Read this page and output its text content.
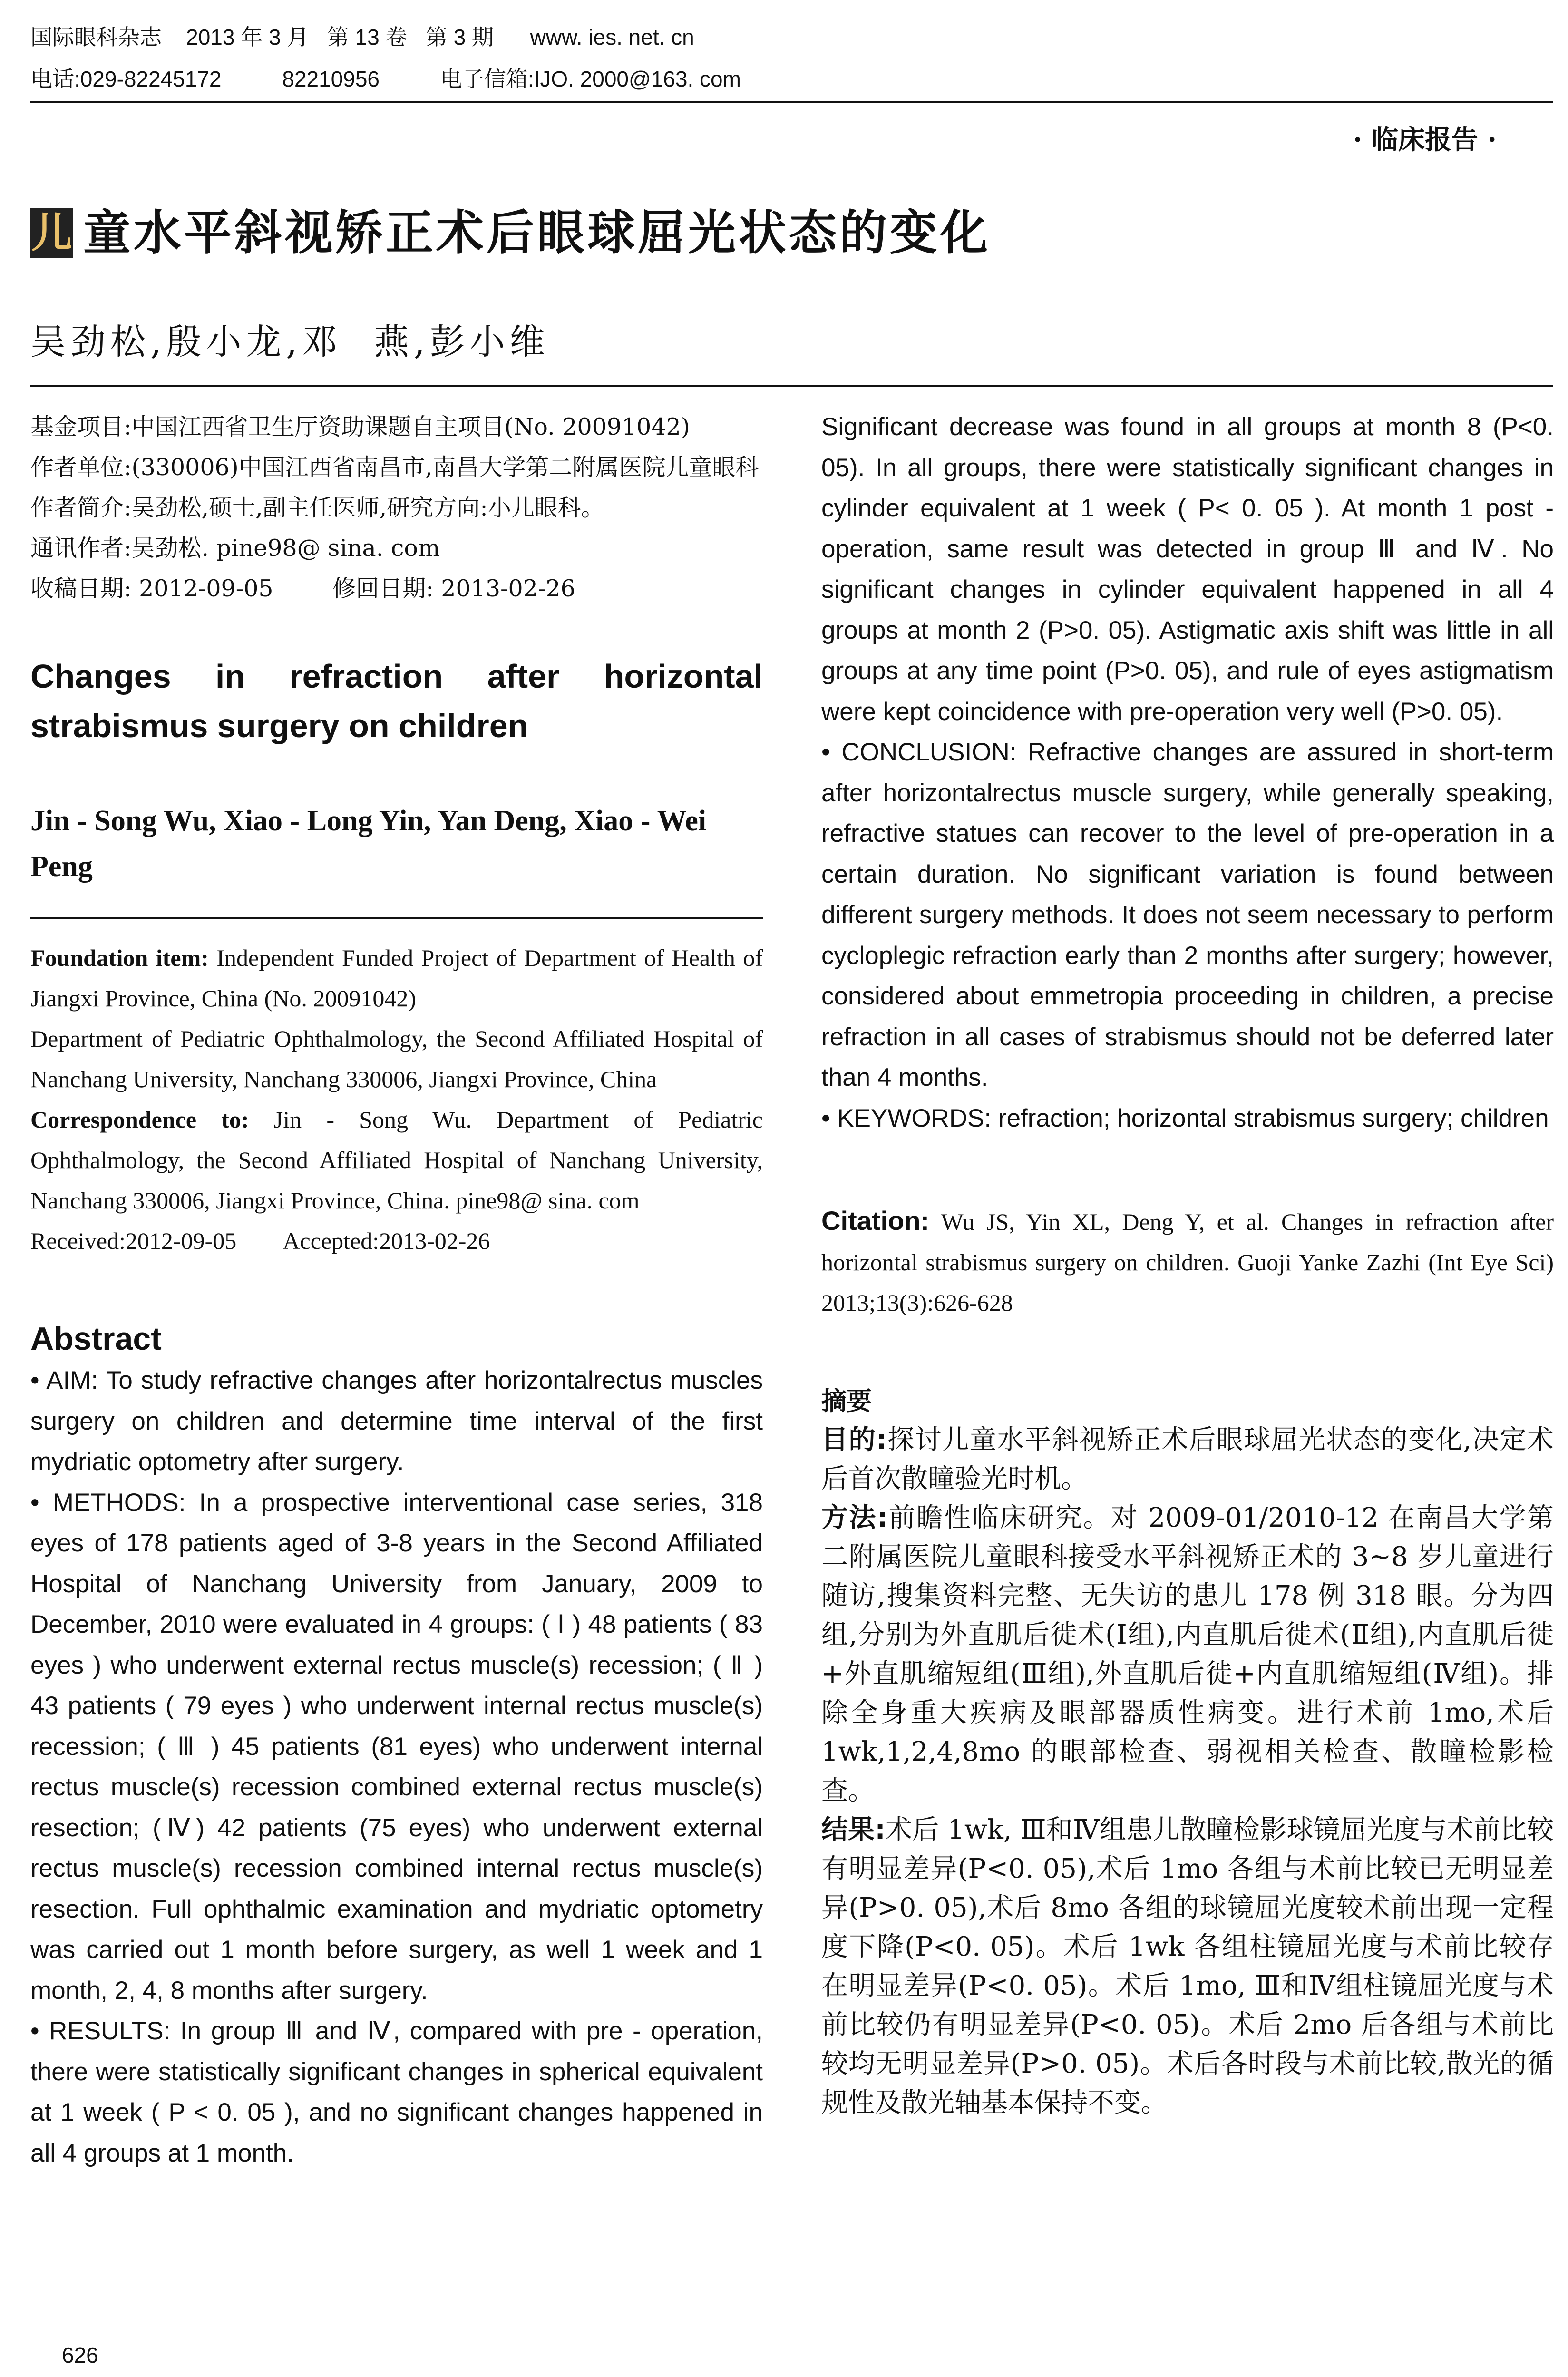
国际眼科杂志    2013 年 3 月   第 13 卷   第 3 期      www. ies. net. cn
电话:029-82245172          82210956          电子信箱:IJO. 2000@163. com
· 临床报告 ·
儿 童水平斜视矫正术后眼球屈光状态的变化
吴劲松,殷小龙,邓  燕,彭小维

基金项目:中国江西省卫生厅资助课题自主项目(No. 20091042)

作者单位:(330006)中国江西省南昌市,南昌大学第二附属医院儿童眼科

作者简介:吴劲松,硕士,副主任医师,研究方向:小儿眼科。

通讯作者:吴劲松. pine98@ sina. com

收稿日期: 2012-09-05        修回日期: 2013-02-26

Changes in refraction after horizontal strabismus surgery on children
Jin - Song Wu, Xiao - Long Yin, Yan Deng, Xiao - Wei Peng

Foundation item: Independent Funded Project of Department of Health of Jiangxi Province, China (No. 20091042)

Department of Pediatric Ophthalmology, the Second Affiliated Hospital of Nanchang University, Nanchang 330006, Jiangxi Province, China

Correspondence to: Jin - Song Wu. Department of Pediatric Ophthalmology, the Second Affiliated Hospital of Nanchang University, Nanchang 330006, Jiangxi Province, China. pine98@ sina. com

Received:2012-09-05        Accepted:2013-02-26

Abstract

• AIM: To study refractive changes after horizontalrectus muscles surgery on children and determine time interval of the first mydriatic optometry after surgery.

• METHODS: In a prospective interventional case series, 318 eyes of 178 patients aged of 3-8 years in the Second Affiliated Hospital of Nanchang University from January, 2009 to December, 2010 were evaluated in 4 groups: ( Ⅰ ) 48 patients ( 83 eyes ) who underwent external rectus muscle(s) recession; ( Ⅱ ) 43 patients ( 79 eyes ) who underwent internal rectus muscle(s) recession; ( Ⅲ ) 45 patients (81 eyes) who underwent internal rectus muscle(s) recession combined external rectus muscle(s) resection; (Ⅳ) 42 patients (75 eyes) who underwent external rectus muscle(s) recession combined internal rectus muscle(s) resection. Full ophthalmic examination and mydriatic optometry was carried out 1 month before surgery, as well 1 week and 1 month, 2, 4, 8 months after surgery.

• RESULTS: In group Ⅲ and Ⅳ, compared with pre - operation, there were statistically significant changes in spherical equivalent at 1 week ( P < 0. 05 ), and no significant changes happened in all 4 groups at 1 month.

Significant decrease was found in all groups at month 8 (P<0. 05). In all groups, there were statistically significant changes in cylinder equivalent at 1 week ( P< 0. 05 ). At month 1 post - operation, same result was detected in group Ⅲ and Ⅳ. No significant changes in cylinder equivalent happened in all 4 groups at month 2 (P>0. 05). Astigmatic axis shift was little in all groups at any time point (P>0. 05), and rule of eyes astigmatism were kept coincidence with pre-operation very well (P>0. 05).

• CONCLUSION: Refractive changes are assured in short-term after horizontalrectus muscle surgery, while generally speaking, refractive statues can recover to the level of pre-operation in a certain duration. No significant variation is found between different surgery methods. It does not seem necessary to perform cycloplegic refraction early than 2 months after surgery; however, considered about emmetropia proceeding in children, a precise refraction in all cases of strabismus should not be deferred later than 4 months.

• KEYWORDS: refraction; horizontal strabismus surgery; children

Citation: Wu JS, Yin XL, Deng Y, et al. Changes in refraction after horizontal strabismus surgery on children. Guoji Yanke Zazhi (Int Eye Sci) 2013;13(3):626-628

摘要

目的:探讨儿童水平斜视矫正术后眼球屈光状态的变化,决定术后首次散瞳验光时机。

方法:前瞻性临床研究。对 2009-01/2010-12 在南昌大学第二附属医院儿童眼科接受水平斜视矫正术的 3~8 岁儿童进行随访,搜集资料完整、无失访的患儿 178 例 318 眼。分为四组,分别为外直肌后徙术(Ⅰ组),内直肌后徙术(Ⅱ组),内直肌后徙+外直肌缩短组(Ⅲ组),外直肌后徙+内直肌缩短组(Ⅳ组)。排除全身重大疾病及眼部器质性病变。进行术前 1mo,术后 1wk,1,2,4,8mo 的眼部检查、弱视相关检查、散瞳检影检查。

结果:术后 1wk, Ⅲ和Ⅳ组患儿散瞳检影球镜屈光度与术前比较有明显差异(P<0. 05),术后 1mo 各组与术前比较已无明显差异(P>0. 05),术后 8mo 各组的球镜屈光度较术前出现一定程度下降(P<0. 05)。术后 1wk 各组柱镜屈光度与术前比较存在明显差异(P<0. 05)。术后 1mo, Ⅲ和Ⅳ组柱镜屈光度与术前比较仍有明显差异(P<0. 05)。术后 2mo 后各组与术前比较均无明显差异(P>0. 05)。术后各时段与术前比较,散光的循规性及散光轴基本保持不变。

626
